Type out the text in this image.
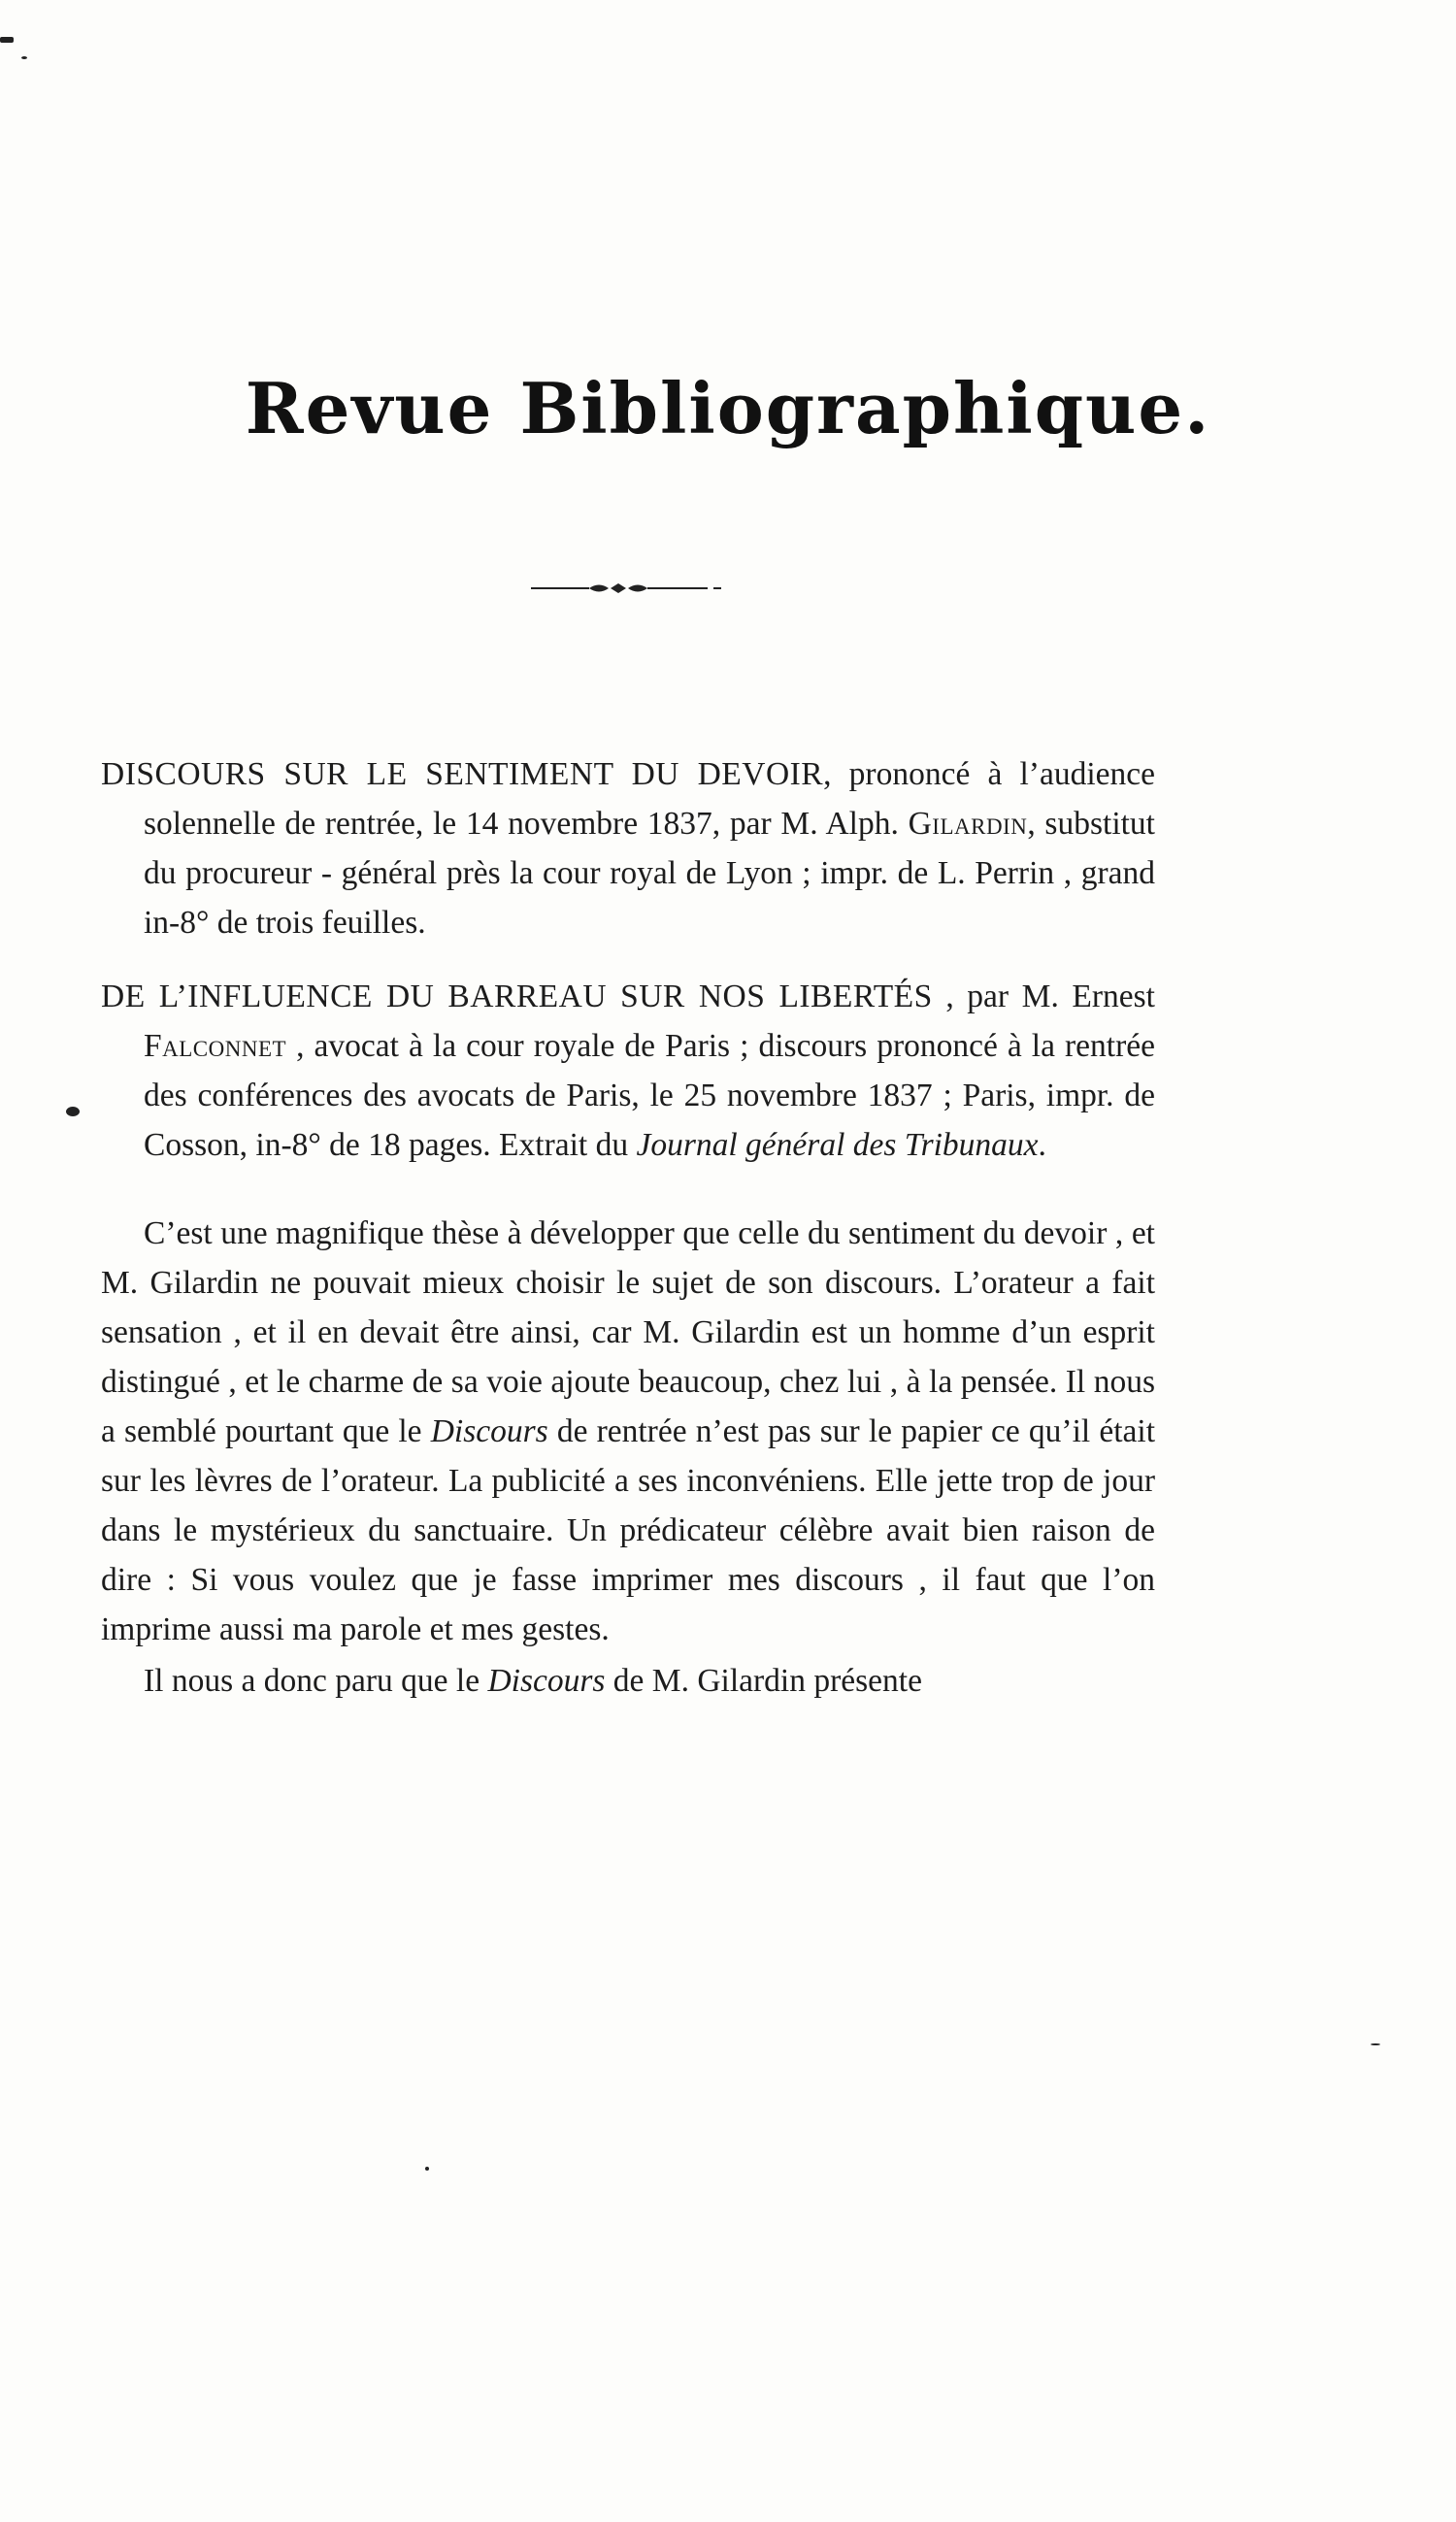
Revue Bibliographique.

DISCOURS SUR LE SENTIMENT DU DEVOIR, prononcé à l’audience solennelle de rentrée, le 14 novembre 1837, par M. Alph. Gilardin, substitut du procureur - général près la cour royal de Lyon ; impr. de L. Perrin , grand in-8° de trois feuilles.

DE L’INFLUENCE DU BARREAU SUR NOS LIBERTÉS , par M. Ernest Falconnet , avocat à la cour royale de Paris ; discours prononcé à la rentrée des conférences des avocats de Paris, le 25 novembre 1837 ; Paris, impr. de Cosson, in-8° de 18 pages. Extrait du Journal général des Tribunaux.

C’est une magnifique thèse à développer que celle du sentiment du devoir , et M. Gilardin ne pouvait mieux choisir le sujet de son discours. L’orateur a fait sensation , et il en devait être ainsi, car M. Gilardin est un homme d’un esprit distingué , et le charme de sa voie ajoute beaucoup, chez lui , à la pensée. Il nous a semblé pourtant que le Discours de rentrée n’est pas sur le papier ce qu’il était sur les lèvres de l’orateur. La publicité a ses inconvéniens. Elle jette trop de jour dans le mystérieux du sanctuaire. Un prédicateur célèbre avait bien raison de dire : Si vous voulez que je fasse imprimer mes discours , il faut que l’on imprime aussi ma parole et mes gestes.

Il nous a donc paru que le Discours de M. Gilardin présente
